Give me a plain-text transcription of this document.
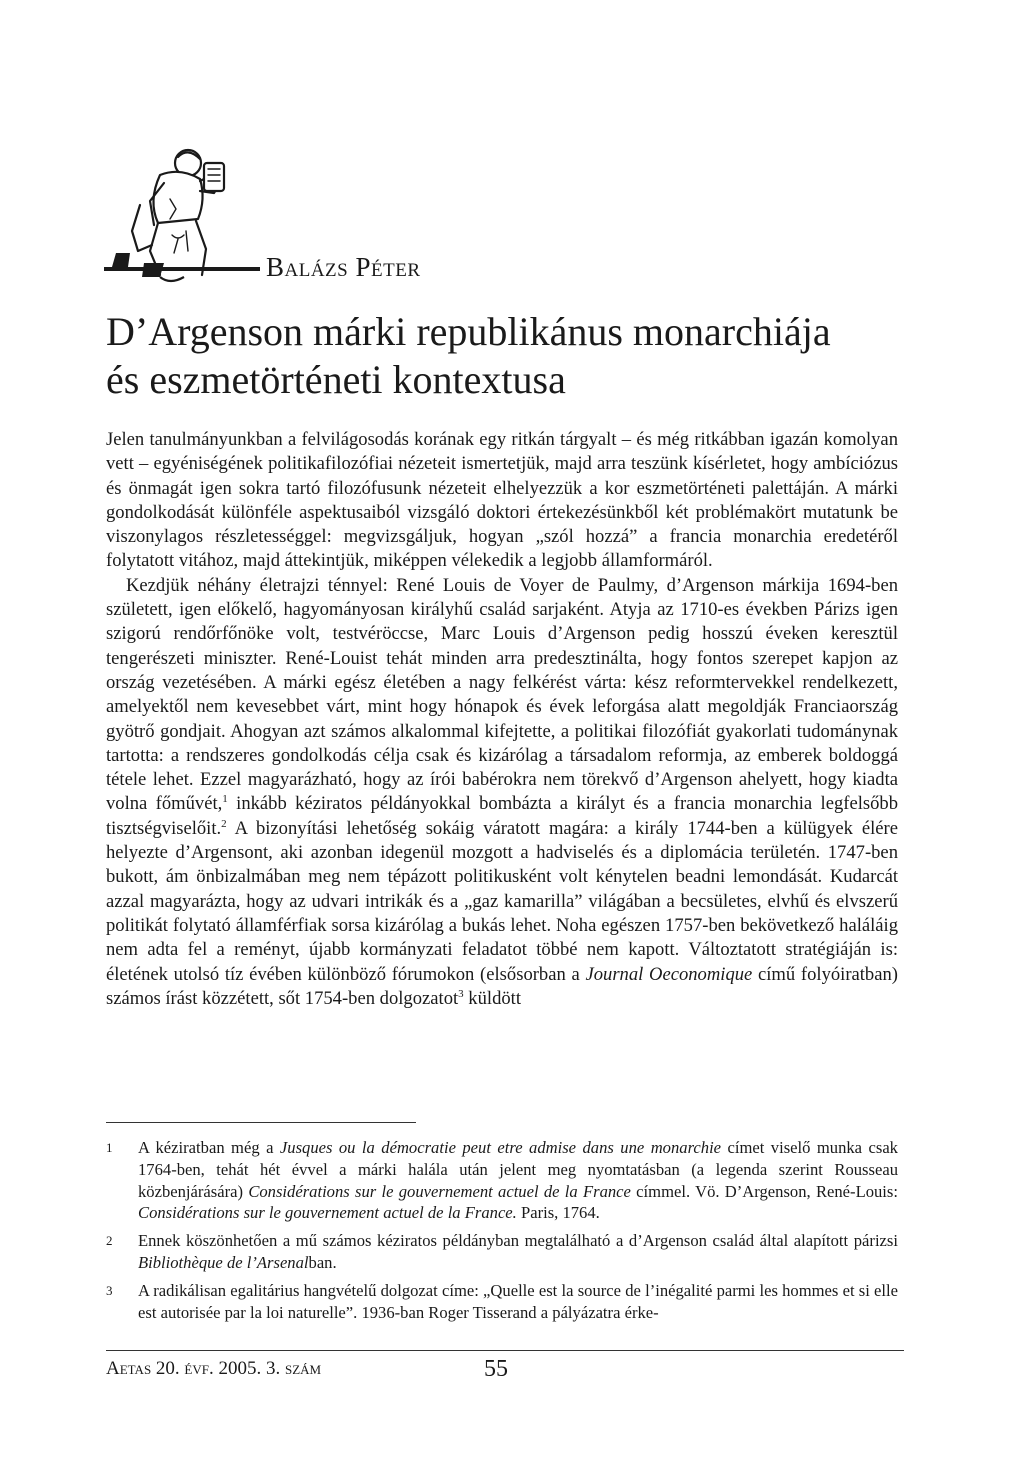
Balázs Péter
D’Argenson márki republikánus monarchiája
és eszmetörténeti kontextusa

Jelen tanulmányunkban a felvilágosodás korának egy ritkán tárgyalt – és még ritkábban igazán komolyan vett – egyéniségének politikafilozófiai nézeteit ismertetjük, majd arra teszünk kísérletet, hogy ambíciózus és önmagát igen sokra tartó filozófusunk nézeteit elhelyezzük a kor eszmetörténeti palettáján. A márki gondolkodását különféle aspektusaiból vizsgáló doktori értekezésünkből két problémakört mutatunk be viszonylagos részletességgel: megvizsgáljuk, hogyan „szól hozzá” a francia monarchia eredetéről folytatott vitához, majd áttekintjük, miképpen vélekedik a legjobb államformáról.

Kezdjük néhány életrajzi ténnyel: René Louis de Voyer de Paulmy, d’Argenson márkija 1694-ben született, igen előkelő, hagyományosan királyhű család sarjaként. Atyja az 1710-es években Párizs igen szigorú rendőrfőnöke volt, testvéröccse, Marc Louis d’Argenson pedig hosszú éveken keresztül tengerészeti miniszter. René-Louist tehát minden arra predesztinálta, hogy fontos szerepet kapjon az ország vezetésében. A márki egész életében a nagy felkérést várta: kész reformtervekkel rendelkezett, amelyektől nem kevesebbet várt, mint hogy hónapok és évek leforgása alatt megoldják Franciaország gyötrő gondjait. Ahogyan azt számos alkalommal kifejtette, a politikai filozófiát gyakorlati tudománynak tartotta: a rendszeres gondolkodás célja csak és kizárólag a társadalom reformja, az emberek boldoggá tétele lehet. Ezzel magyarázható, hogy az írói babérokra nem törekvő d’Argenson ahelyett, hogy kiadta volna főművét,$^1$ inkább kéziratos példányokkal bombázta a királyt és a francia monarchia legfelsőbb tisztségviselőit.$^2$ A bizonyítási lehetőség sokáig váratott magára: a király 1744-ben a külügyek élére helyezte d’Argensont, aki azonban idegenül mozgott a hadviselés és a diplomácia területén. 1747-ben bukott, ám önbizalmában meg nem tépázott politikusként volt kénytelen beadni lemondását. Kudarcát azzal magyarázta, hogy az udvari intrikák és a „gaz kamarilla” világában a becsületes, elvhű és elvszerű politikát folytató államférfiak sorsa kizárólag a bukás lehet. Noha egészen 1757-ben bekövetkező haláláig nem adta fel a reményt, újabb kormányzati feladatot többé nem kapott. Változtatott stratégiáján is: életének utolsó tíz évében különböző fórumokon (elsősorban a Journal Oeconomique című folyóiratban) számos írást közzétett, sőt 1754-ben dolgozatot$^3$ küldött

1	A kéziratban még a Jusques ou la démocratie peut etre admise dans une monarchie címet viselő munka csak 1764-ben, tehát hét évvel a márki halála után jelent meg nyomtatásban (a legenda szerint Rousseau közbenjárására) Considérations sur le gouvernement actuel de la France címmel. Vö. D’Argenson, René-Louis: Considérations sur le gouvernement actuel de la France. Paris, 1764.
2	Ennek köszönhetően a mű számos kéziratos példányban megtalálható a d’Argenson család által alapított párizsi Bibliothèque de l’Arsenalban.
3	A radikálisan egalitárius hangvételű dolgozat címe: „Quelle est la source de l’inégalité parmi les hommes et si elle est autorisée par la loi naturelle”. 1936-ban Roger Tisserand a pályázatra érke-
Aetas 20. évf. 2005. 3. szám	55
